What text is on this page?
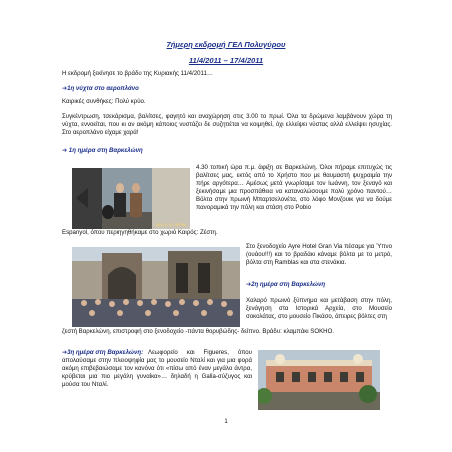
7ήμερη εκδρομή ΓΕΛ Πολυγύρου

11/4/2011 – 17/4/2011

Η εκδρομή ξεκίνησε το βράδυ της Κυριακής 11/4/2011…

➔1η νύχτα στο αεροπλάνο

Καιρικές συνθήκες: Πολύ κρύο.

Συγκέντρωση, τσεκάρισμα, βαλίτσες, φαγητό και αναχώρηση στις 3.00 το πρωί. Όλα τα δρώμενα λαμβάνουν χώρα τη νύχτα, εννοείται, που κι αν ακόμη κάποιος νυστάζει δε συζητιέται να κοιμηθεί, όχι ελλείψει νύστας αλλά ελλείψει ησυχίας. Στο αεροπλάνο είχαμε χαρά!

➔ 1η ημέρα στη Βαρκελώνη

2011 4 12 26 PM

4.30 τοπική ώρα π.μ. άφιξη σε Βαρκελώνη. Όλοι πήραμε επιτυχώς τις βαλίτσες μας, εκτός από το Χρήστο που με θαυμαστή ψυχραιμία την πήρε αργότερα… Αμέσως μετά γνωρίσαμε τον Ιωάννη, τον ξεναγό και ξεκινήσαμε μια προσπάθεια να καταναλώσουμε πολύ χρόνο παντού…Βόλτα στην πρωινή Μπαρτσελονέτα, στο λόφο Μονζουικ για να δούμε πανοραμικά την πόλη και στάση στο Pobio

Espanyol, όπου περιηγηθήκαμε στο χωριό Καιρός: Ζέστη.

Στο ξενοδοχείο Ayre Hotel Gran Via πέσαμε για Ύπνο (ουάου!!!) και το βραδάκι κάναμε βόλτα με το μετρό, βόλτα στη Ramblas και στα στενάκια.

➔2η ημέρα στη Βαρκελώνη

Χαλαρό πρωινό ξύπνημα και μετάβαση στην πόλη, ξενάγηση στα Ιστορικά Αρχεία, στο Μουσείο σοκολάτας, στο μουσείο Πικάσο, άπειρες βόλτες στη

ζεστή Βαρκελώνη, επιστροφή στο ξενοδοχείο -πάντα θορυβώδης- δείπνο. Βράδυ: κλαμπάκι SOKHO.

➔3η ημέρα στη Βαρκελώνη: Λεωφορείο και Figueres, όπου απολαύσαμε στην πλειοψηφία μας το μουσείο Νταλί και για μια φορά ακόμη επιβεβαιώσαμε τον κανόνα ότι «πίσω από έναν μεγάλο άντρα, κρύβεται μια πιο μεγάλη γυναίκα»… δηλαδή η Galla-σύζυγος και μούσα του Νταλί.

1
